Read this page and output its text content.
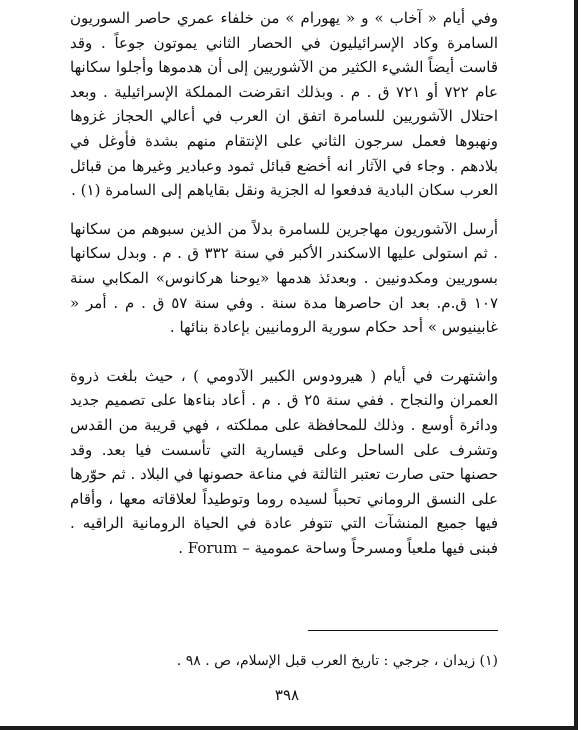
وفي أيام « آخاب » و « يهورام » من خلفاء عمري حاصر السوريون السامرة وكاد الإسرائيليون في الحصار الثاني يموتون جوعاً . وقد قاست أيضاً الشيء الكثير من الآشوريين إلى أن هدموها وأجلوا سكانها عام ٧٢٢ أو ٧٢١ ق . م . وبذلك انقرضت المملكة الإسرائيلية . وبعد احتلال الآشوريين للسامرة اتفق ان العرب في أعالي الحجاز غزوها ونهبوها فعمل سرجون الثاني على الإنتقام منهم بشدة فأوغل في بلادهم . وجاء في الآثار انه أخضع قبائل ثمود وعبادير وغيرها من قبائل العرب سكان البادية فدفعوا له الجزية ونقل بقاياهم إلى السامرة (١) .

أرسل الآشوريون مهاجرين للسامرة بدلاً من الذين سبوهم من سكانها . ثم استولى عليها الاسكندر الأكبر في سنة ٣٣٢ ق . م . وبدل سكانها بسوريين ومكدونيين . وبعدئذ هدمها «يوحنا هركانوس» المكابي سنة ١٠٧ ق.م. بعد ان حاصرها مدة سنة . وفي سنة ٥٧ ق . م . أمر « غابينيوس » أحد حكام سورية الرومانيين بإعادة بنائها .

واشتهرت في أيام ( هيرودوس الكبير الآدومي ) ، حيث بلغت ذروة العمران والنجاح . ففي سنة ٢٥ ق . م . أعاد بناءها على تصميم جديد ودائرة أوسع . وذلك للمحافظة على مملكته ، فهي قريبة من القدس وتشرف على الساحل وعلى قيسارية التي تأسست فيا بعد. وقد حصنها حتى صارت تعتبر الثالثة في مناعة حصونها في البلاد . ثم حوّرها على النسق الروماني تحبباً لسيده روما وتوطيداً لعلاقاته معها ، وأقام فيها جميع المنشآت التي تتوفر عادة في الحياة الرومانية الراقيه . فبنى فيها ملعباً ومسرحاً وساحة عمومية – Forum .

(١) زيدان ، جرجي : تاريخ العرب قبل الإسلام، ص . ٩٨ .
٣٩٨
